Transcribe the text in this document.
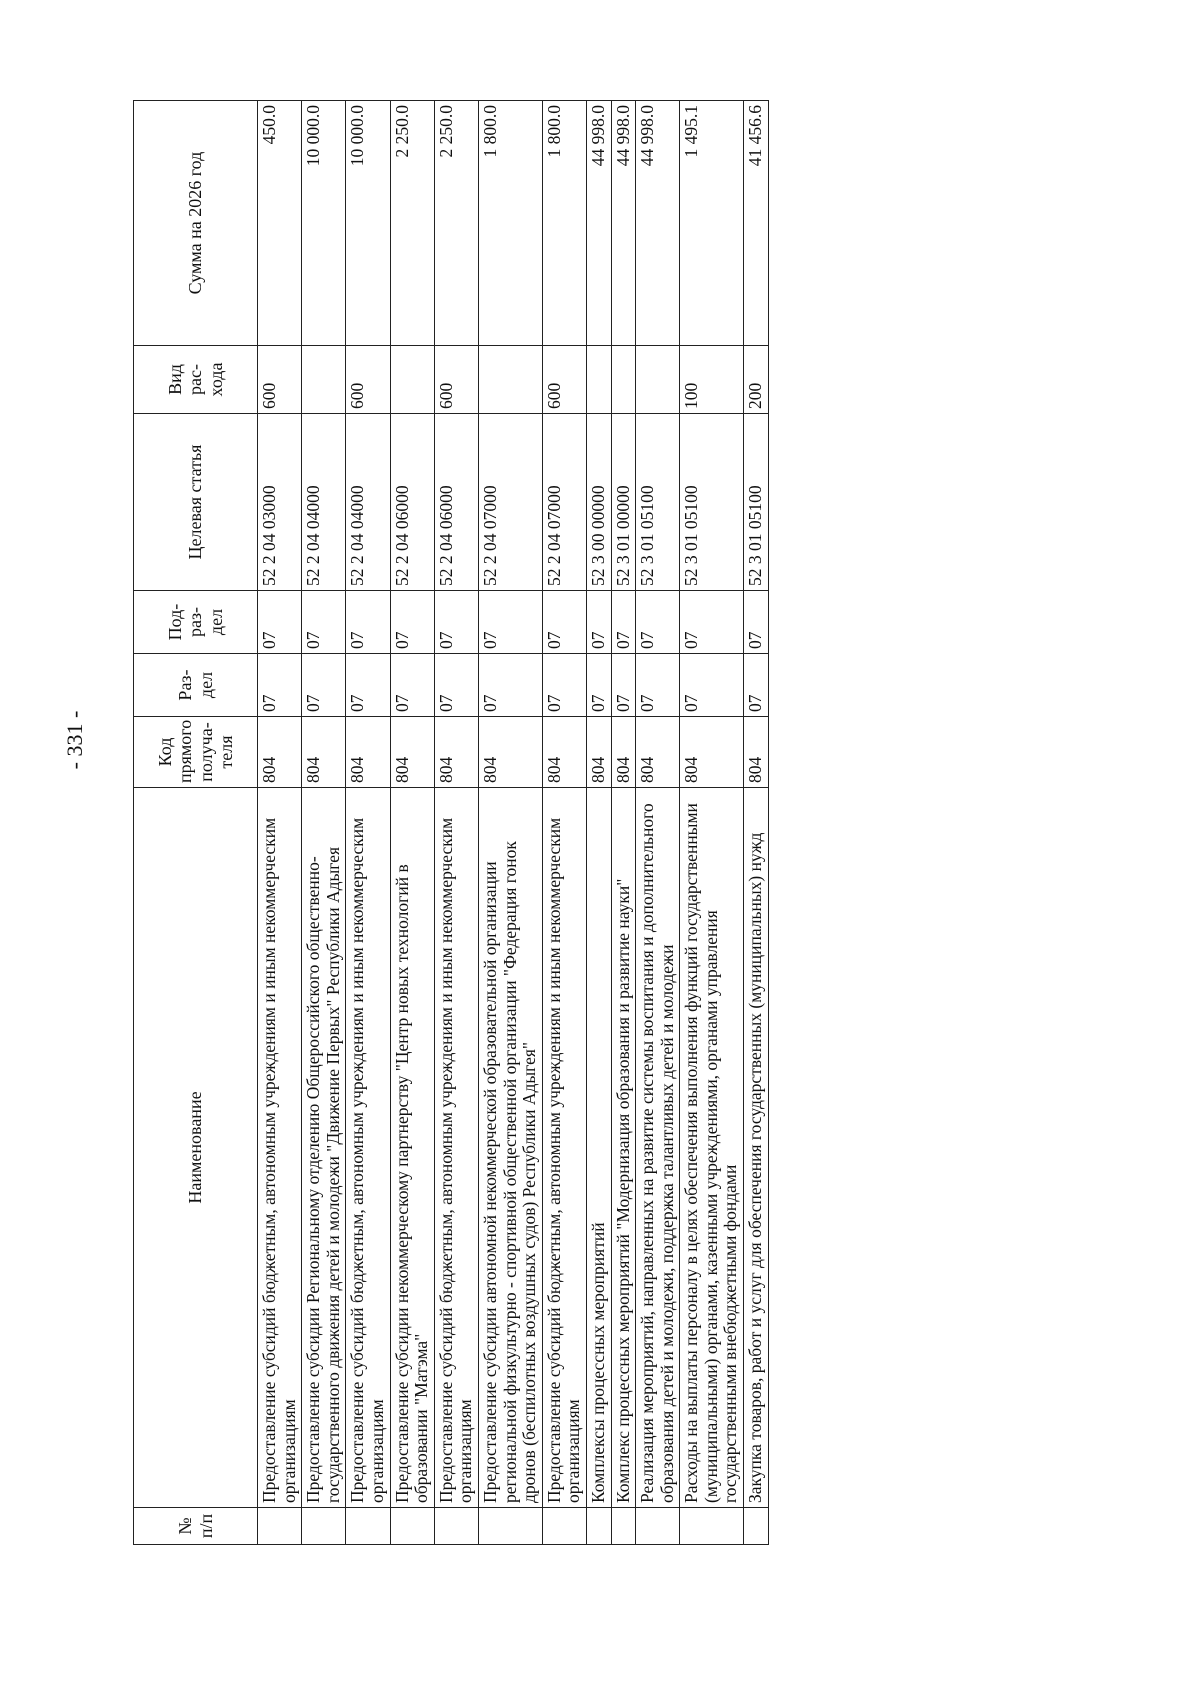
- 331 -
№ п/п	Наименование	Код прямого получа-теля	Раз-дел	Под-раз-дел	Целевая статья	Вид рас-хода	Сумма на 2026 год
	Предоставление субсидий бюджетным, автономным учреждениям и иным некоммерческим организациям	804	07	07	52 2 04 03000	600	450.0
	Предоставление субсидии Региональному отделению Общероссийского общественно-государственного движения детей и молодежи "Движение Первых" Республики Адыгея	804	07	07	52 2 04 04000		10 000.0
	Предоставление субсидий бюджетным, автономным учреждениям и иным некоммерческим организациям	804	07	07	52 2 04 04000	600	10 000.0
	Предоставление субсидии некоммерческому партнерству "Центр новых технологий в образовании "Матэма"	804	07	07	52 2 04 06000		2 250.0
	Предоставление субсидий бюджетным, автономным учреждениям и иным некоммерческим организациям	804	07	07	52 2 04 06000	600	2 250.0
	Предоставление субсидии автономной некоммерческой образовательной организации региональной физкультурно - спортивной общественной организации "Федерация гонок дронов (беспилотных воздушных судов) Республики Адыгея"	804	07	07	52 2 04 07000		1 800.0
	Предоставление субсидий бюджетным, автономным учреждениям и иным некоммерческим организациям	804	07	07	52 2 04 07000	600	1 800.0
	Комплексы процессных мероприятий	804	07	07	52 3 00 00000		44 998.0
	Комплекс процессных мероприятий "Модернизация образования и развитие науки"	804	07	07	52 3 01 00000		44 998.0
	Реализация мероприятий, направленных на развитие системы воспитания и дополнительного образования детей и молодежи, поддержка талантливых детей и молодежи	804	07	07	52 3 01 05100		44 998.0
	Расходы на выплаты персоналу в целях обеспечения выполнения функций государственными (муниципальными) органами, казенными учреждениями, органами управления государственными внебюджетными фондами	804	07	07	52 3 01 05100	100	1 495.1
	Закупка товаров, работ и услуг для обеспечения государственных (муниципальных) нужд	804	07	07	52 3 01 05100	200	41 456.6
